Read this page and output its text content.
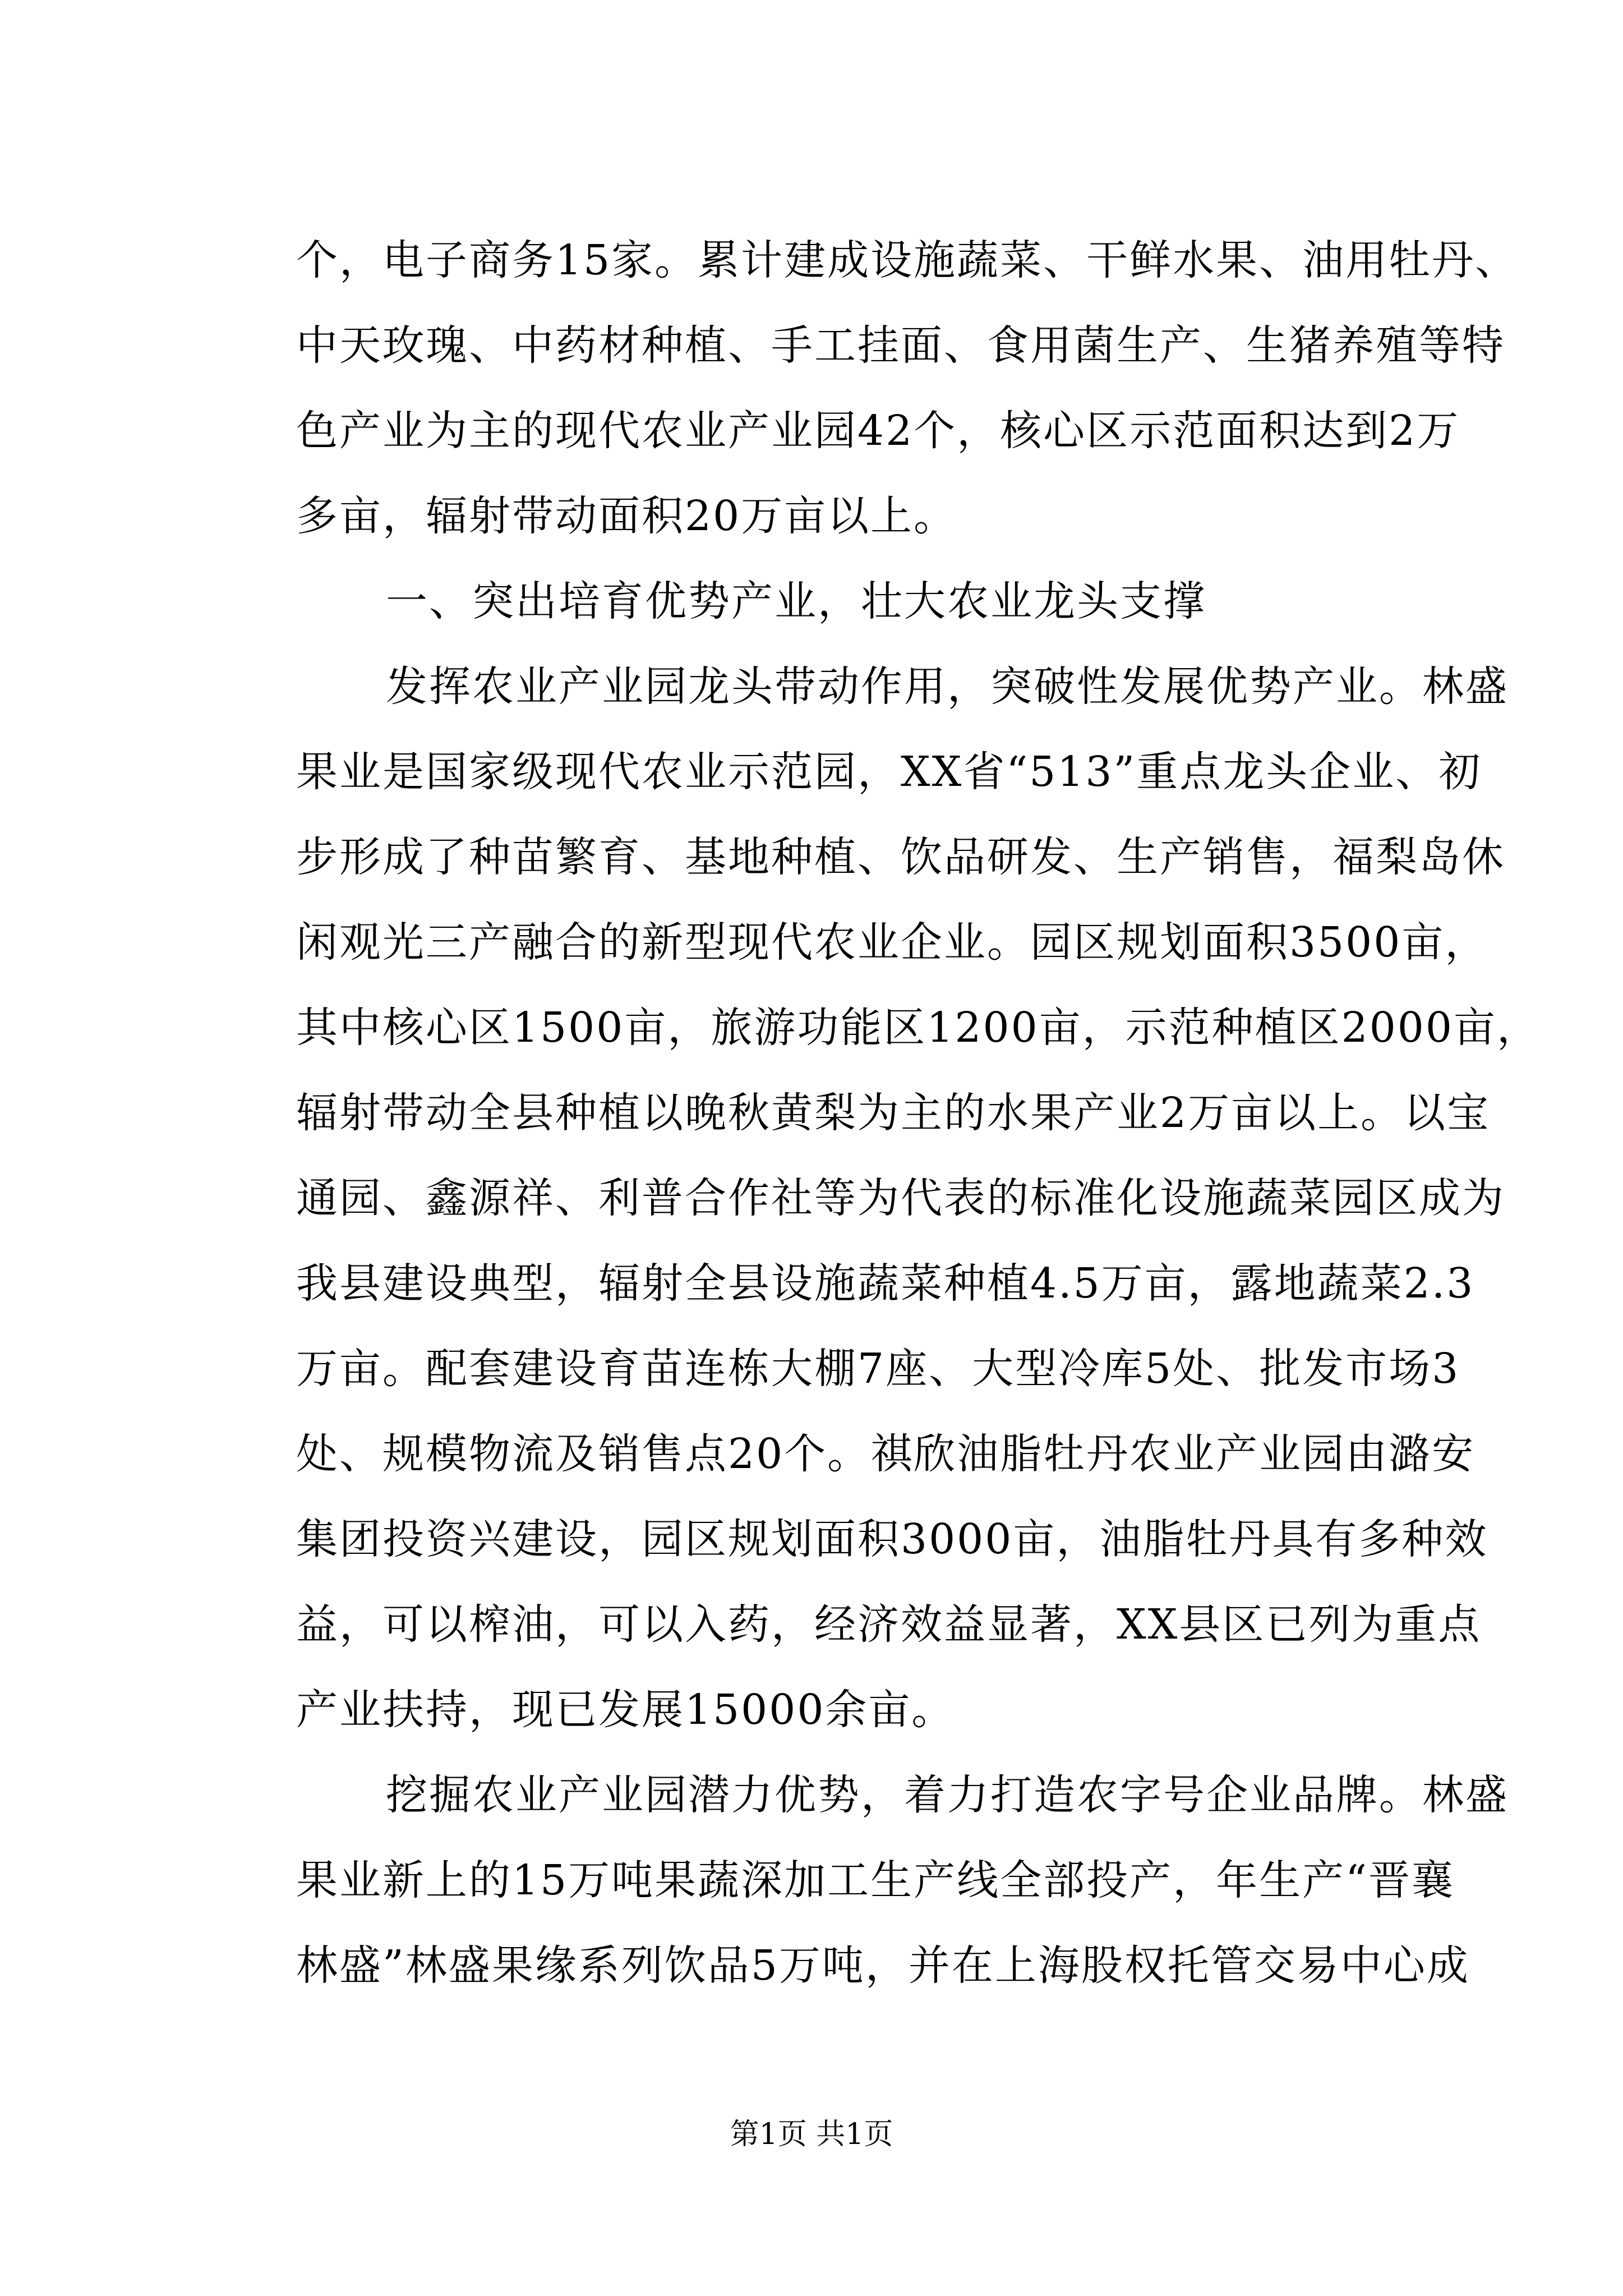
个，电子商务15家。累计建成设施蔬菜、干鲜水果、油用牡丹、
中天玫瑰、中药材种植、手工挂面、食用菌生产、生猪养殖等特
色产业为主的现代农业产业园42个，核心区示范面积达到2万
多亩，辐射带动面积20万亩以上。
一、突出培育优势产业，壮大农业龙头支撑
发挥农业产业园龙头带动作用，突破性发展优势产业。林盛
果业是国家级现代农业示范园，XX省“513”重点龙头企业、初
步形成了种苗繁育、基地种植、饮品研发、生产销售，福梨岛休
闲观光三产融合的新型现代农业企业。园区规划面积3500亩，
其中核心区1500亩，旅游功能区1200亩，示范种植区2000亩，
辐射带动全县种植以晚秋黄梨为主的水果产业2万亩以上。以宝
通园、鑫源祥、利普合作社等为代表的标准化设施蔬菜园区成为
我县建设典型，辐射全县设施蔬菜种植4.5万亩，露地蔬菜2.3
万亩。配套建设育苗连栋大棚7座、大型冷库5处、批发市场3
处、规模物流及销售点20个。祺欣油脂牡丹农业产业园由潞安
集团投资兴建设，园区规划面积3000亩，油脂牡丹具有多种效
益，可以榨油，可以入药，经济效益显著，XX县区已列为重点
产业扶持，现已发展15000余亩。
挖掘农业产业园潜力优势，着力打造农字号企业品牌。林盛
果业新上的15万吨果蔬深加工生产线全部投产，年生产“晋襄
林盛”林盛果缘系列饮品5万吨，并在上海股权托管交易中心成
第1页 共1页
